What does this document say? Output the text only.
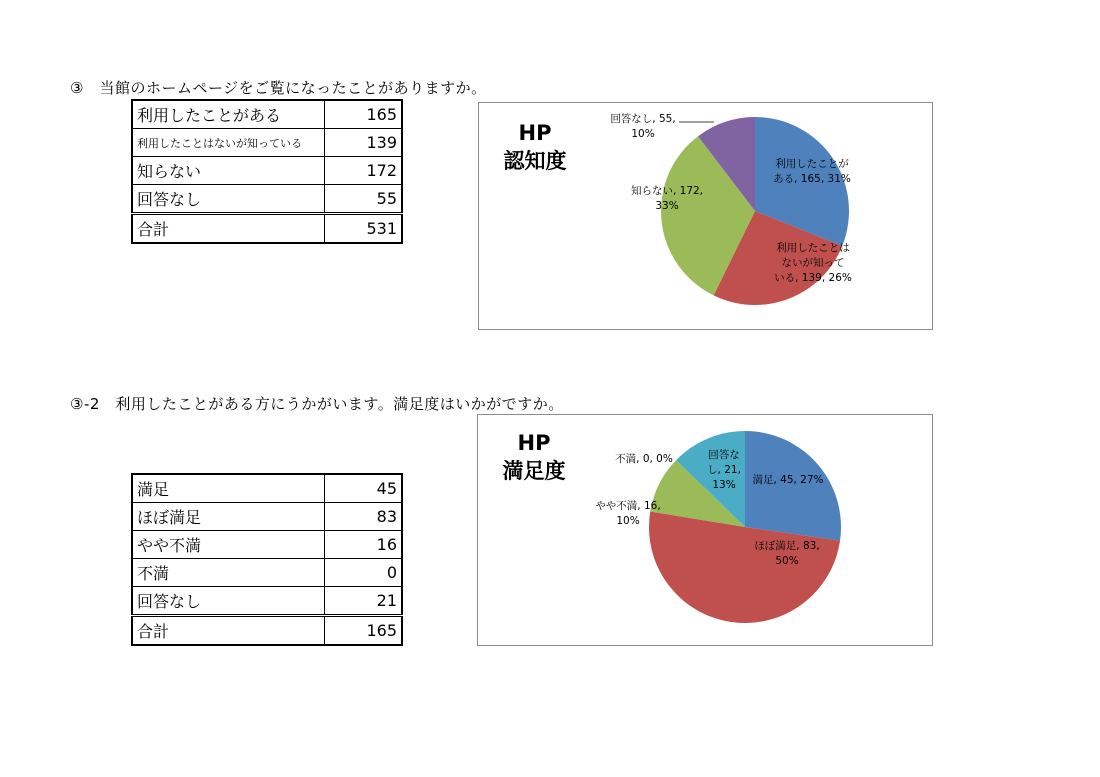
③　当館のホームページをご覧になったことがありますか。
利用したことがある	165
利用したことはないが知っている	139
知らない	172
回答なし	55
合計	531
HP
認知度	利用したことがある, 165, 31%
利用したことはないが知っている, 139, 26%
知らない, 172, 33%
回答なし, 55, 10%
③-2　利用したことがある方にうかがいます。満足度はいかがですか。
満足	45
ほぼ満足	83
やや不満	16
不満	0
回答なし	21
合計	165
HP
満足度	満足, 45, 27%
ほぼ満足, 83, 50%
やや不満, 16, 10%
不満, 0, 0%	回答なし, 21, 13%
